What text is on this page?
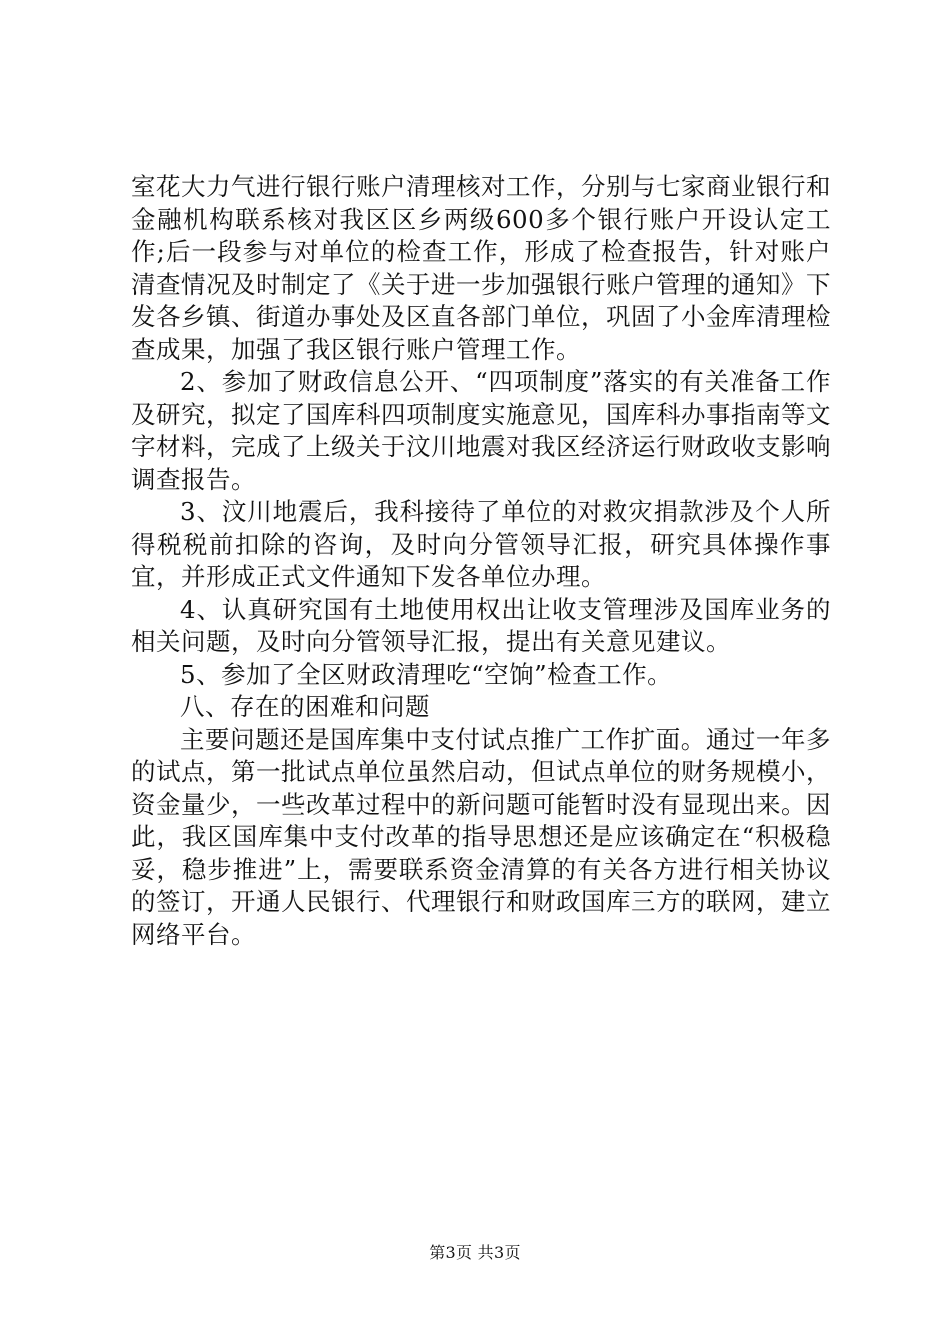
室花大力气进行银行账户清理核对工作，分别与七家商业银行和金融机构联系核对我区区乡两级600多个银行账户开设认定工作;后一段参与对单位的检查工作，形成了检查报告，针对账户清查情况及时制定了《关于进一步加强银行账户管理的通知》下发各乡镇、街道办事处及区直各部门单位，巩固了小金库清理检查成果，加强了我区银行账户管理工作。

2、参加了财政信息公开、“四项制度”落实的有关准备工作及研究，拟定了国库科四项制度实施意见，国库科办事指南等文字材料，完成了上级关于汶川地震对我区经济运行财政收支影响调查报告。

3、汶川地震后，我科接待了单位的对救灾捐款涉及个人所得税税前扣除的咨询，及时向分管领导汇报，研究具体操作事宜，并形成正式文件通知下发各单位办理。

4、认真研究国有土地使用权出让收支管理涉及国库业务的相关问题，及时向分管领导汇报，提出有关意见建议。

5、参加了全区财政清理吃“空饷”检查工作。

八、存在的困难和问题

主要问题还是国库集中支付试点推广工作扩面。通过一年多的试点，第一批试点单位虽然启动，但试点单位的财务规模小，资金量少，一些改革过程中的新问题可能暂时没有显现出来。因此，我区国库集中支付改革的指导思想还是应该确定在“积极稳妥，稳步推进”上，需要联系资金清算的有关各方进行相关协议的签订，开通人民银行、代理银行和财政国库三方的联网，建立网络平台。

第3页 共3页
